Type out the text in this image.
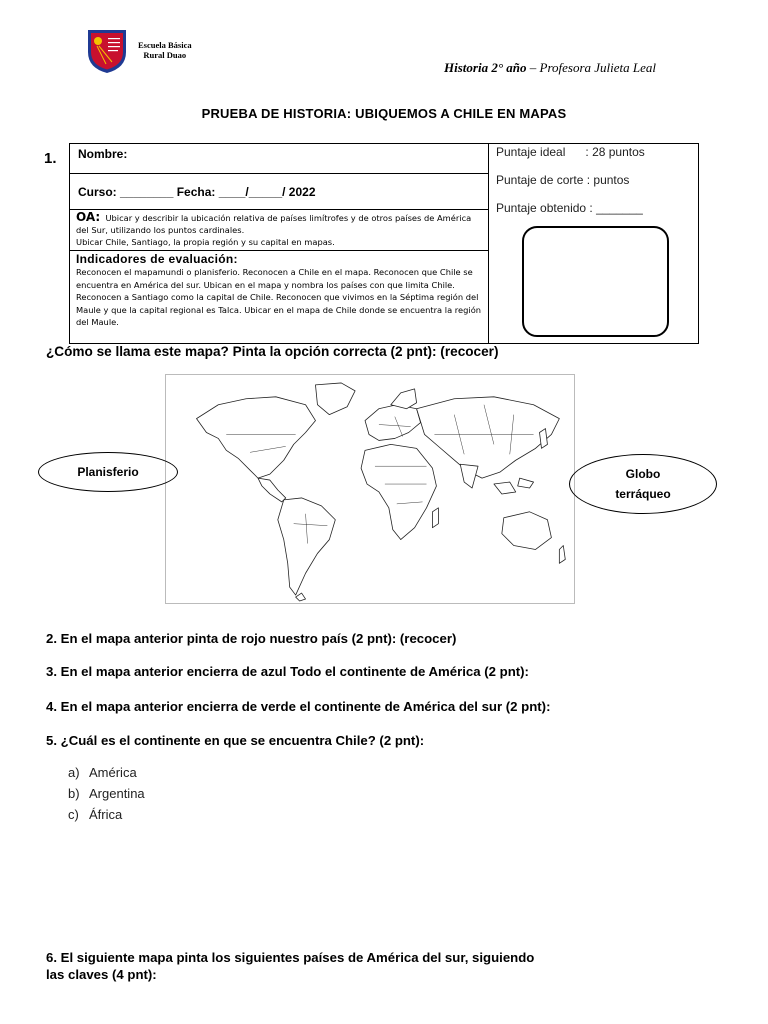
Escuela Básica
Rural Duao
Historia 2° año – Profesora Julieta Leal
PRUEBA DE HISTORIA: UBIQUEMOS A CHILE EN MAPAS
1.	Nombre:
Curso: ________ Fecha: ____/_____/ 2022
OA: Ubicar y describir la ubicación relativa de países limítrofes y de otros países de América del Sur, utilizando los puntos cardinales.
Ubicar Chile, Santiago, la propia región y su capital en mapas.
Indicadores de evaluación:
Reconocen el mapamundi o planisferio. Reconocen a Chile en el mapa. Reconocen que Chile se encuentra en América del sur. Ubican en el mapa y nombra los países con que limita Chile. Reconocen a Santiago como la capital de Chile. Reconocen que vivimos en la Séptima región del Maule y que la capital regional es Talca. Ubicar en el mapa de Chile donde se encuentra la región del Maule.
Puntaje ideal : 28 puntos
Puntaje de corte : puntos
Puntaje obtenido : _______
¿Cómo se llama este mapa? Pinta la opción correcta (2 pnt): (recocer)
Planisferio	Globo
terráqueo
2. En el mapa anterior pinta de rojo nuestro país (2 pnt): (recocer)
3. En el mapa anterior encierra de azul Todo el continente de América (2 pnt):
4. En el mapa anterior encierra de verde el continente de América del sur (2 pnt):
5. ¿Cuál es el continente en que se encuentra Chile? (2 pnt):
a) América
b) Argentina
c) África
6. El siguiente mapa pinta los siguientes países de América del sur, siguiendo
las claves (4 pnt):
